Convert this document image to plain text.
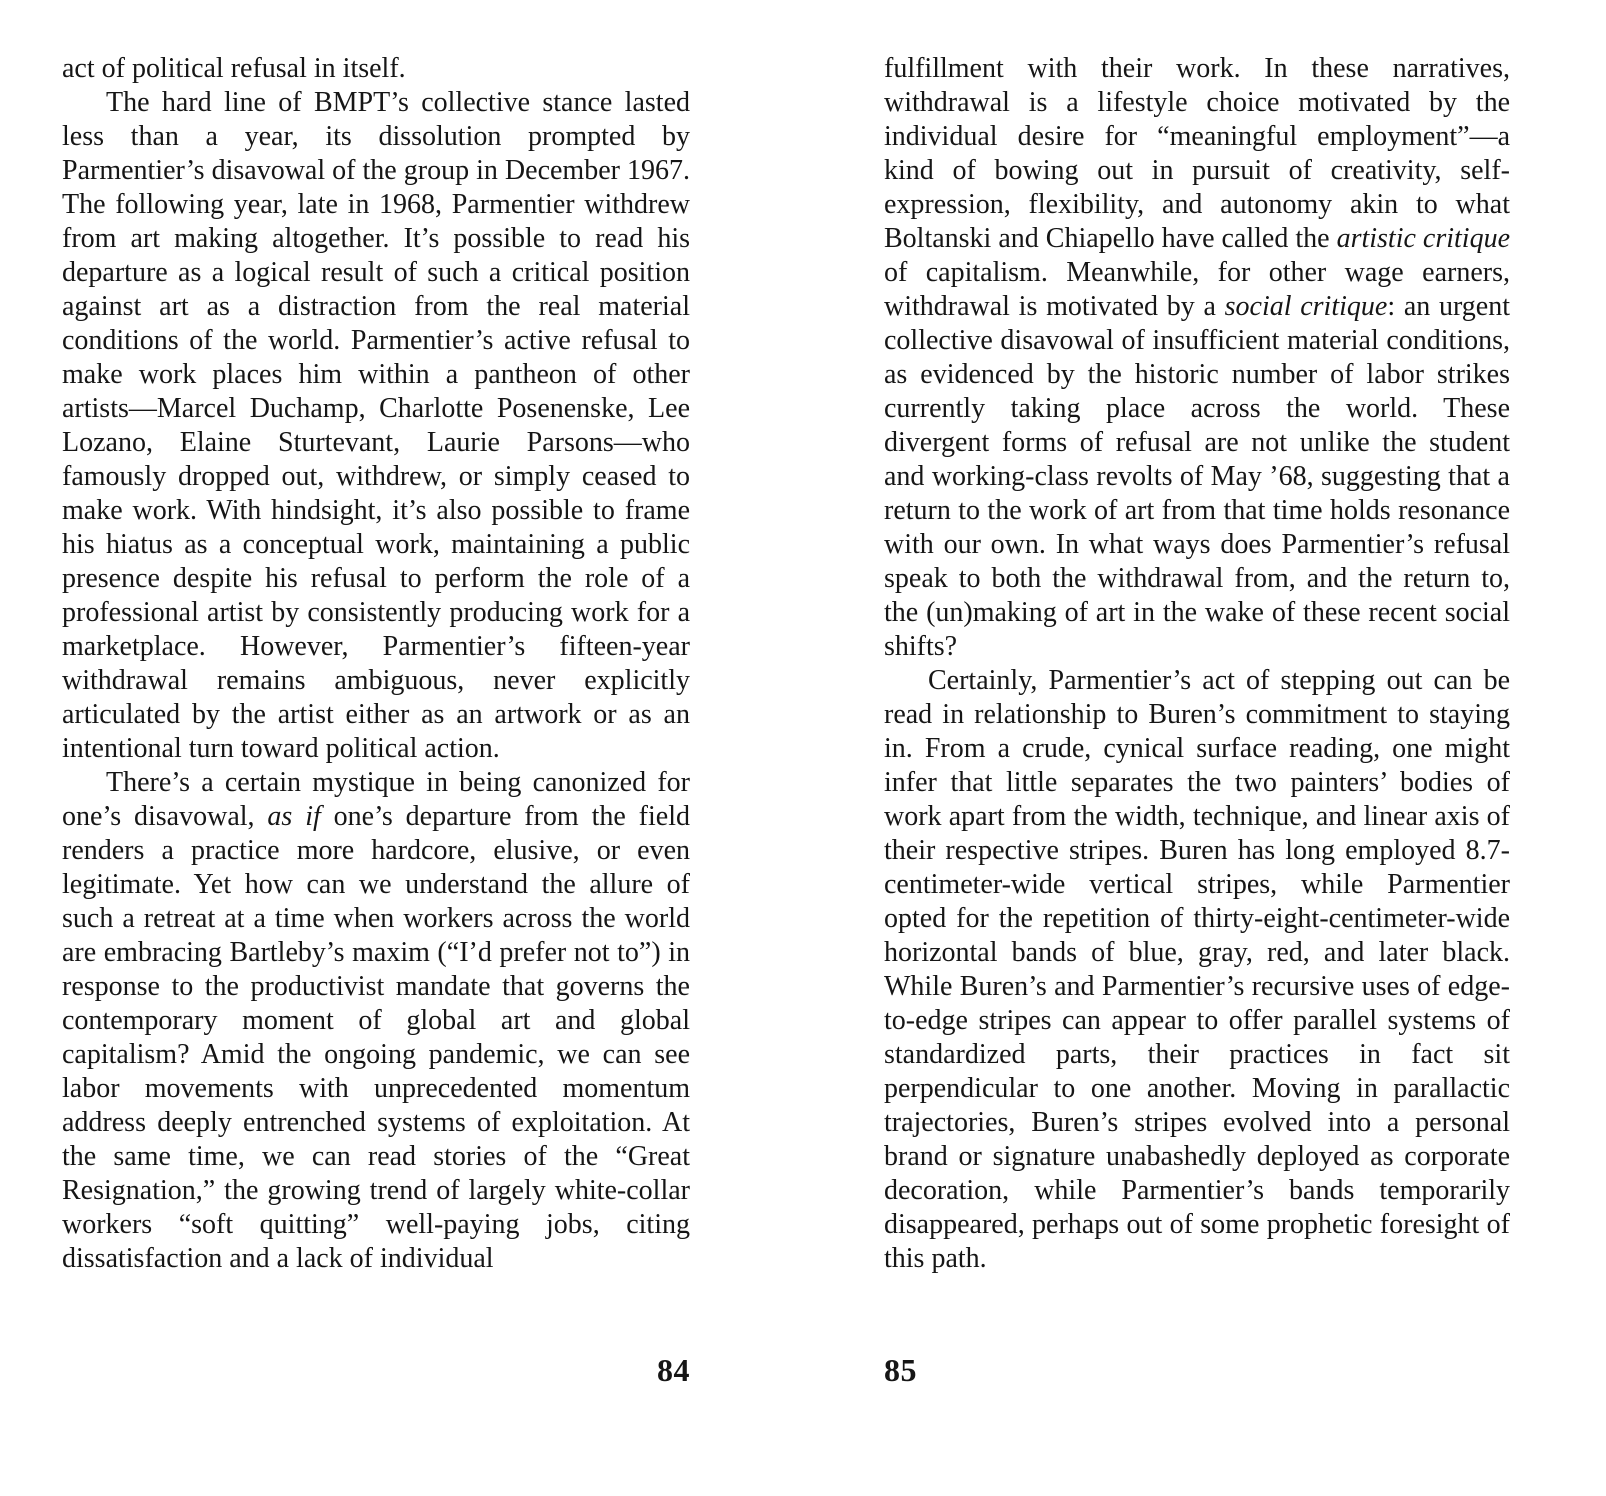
act of political refusal in itself.

The hard line of BMPT’s collective stance lasted less than a year, its dissolution prompted by Parmentier’s disavowal of the group in December 1967. The following year, late in 1968, Parmentier withdrew from art making altogether. It’s possible to read his departure as a logical result of such a critical position against art as a distraction from the real material conditions of the world. Parmentier’s active refusal to make work places him within a pantheon of other artists—Marcel Duchamp, Charlotte Posenenske, Lee Lozano, Elaine Sturtevant, Laurie Parsons—who famously dropped out, withdrew, or simply ceased to make work. With hindsight, it’s also possible to frame his hiatus as a conceptual work, maintaining a public presence despite his refusal to perform the role of a professional artist by consistently producing work for a marketplace. However, Parmentier’s fifteen-year withdrawal remains ambiguous, never explicitly articulated by the artist either as an artwork or as an intentional turn toward political action.

There’s a certain mystique in being canonized for one’s disavowal, as if one’s departure from the field renders a practice more hardcore, elusive, or even legitimate. Yet how can we understand the allure of such a retreat at a time when workers across the world are embracing Bartleby’s maxim (“I’d prefer not to”) in response to the productivist mandate that governs the contemporary moment of global art and global capitalism? Amid the ongoing pandemic, we can see labor movements with unprecedented momentum address deeply entrenched systems of exploitation. At the same time, we can read stories of the “Great Resignation,” the growing trend of largely white-collar workers “soft quitting” well-paying jobs, citing dissatisfaction and a lack of individual

84

fulfillment with their work. In these narratives, withdrawal is a lifestyle choice motivated by the individual desire for “meaningful employment”—a kind of bowing out in pursuit of creativity, self-expression, flexibility, and autonomy akin to what Boltanski and Chiapello have called the artistic critique of capitalism. Meanwhile, for other wage earners, withdrawal is motivated by a social critique: an urgent collective disavowal of insufficient material conditions, as evidenced by the historic number of labor strikes currently taking place across the world. These divergent forms of refusal are not unlike the student and working-class revolts of May ’68, suggesting that a return to the work of art from that time holds resonance with our own. In what ways does Parmentier’s refusal speak to both the withdrawal from, and the return to, the (un)making of art in the wake of these recent social shifts?

Certainly, Parmentier’s act of stepping out can be read in relationship to Buren’s commitment to staying in. From a crude, cynical surface reading, one might infer that little separates the two painters’ bodies of work apart from the width, technique, and linear axis of their respective stripes. Buren has long employed 8.7-centimeter-wide vertical stripes, while Parmentier opted for the repetition of thirty-eight-centimeter-wide horizontal bands of blue, gray, red, and later black. While Buren’s and Parmentier’s recursive uses of edge-to-edge stripes can appear to offer parallel systems of standardized parts, their practices in fact sit perpendicular to one another. Moving in parallactic trajectories, Buren’s stripes evolved into a personal brand or signature unabashedly deployed as corporate decoration, while Parmentier’s bands temporarily disappeared, perhaps out of some prophetic foresight of this path.

85
